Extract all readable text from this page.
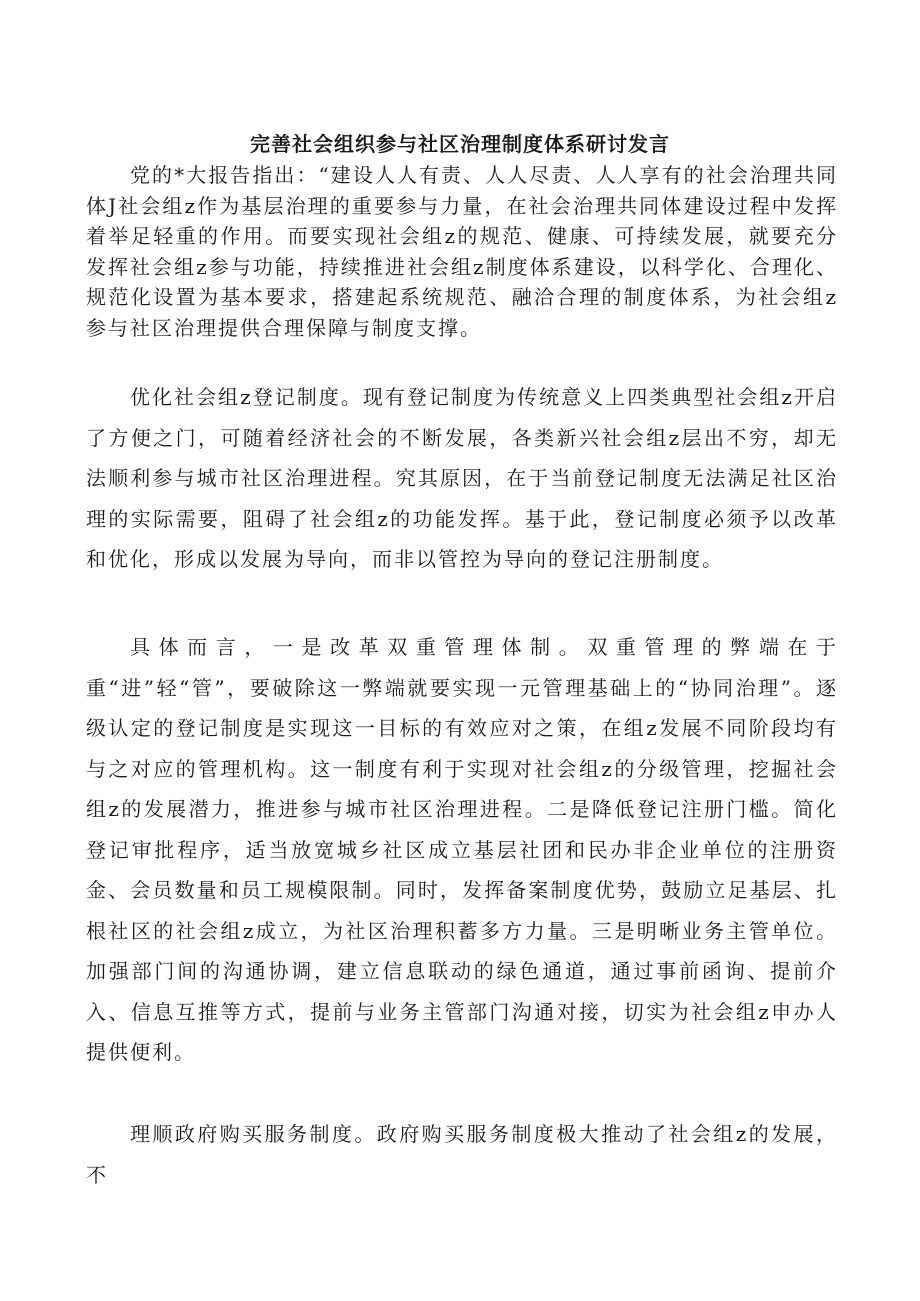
完善社会组织参与社区治理制度体系研讨发言

党的*大报告指出：“建设人人有责、人人尽责、人人享有的社会治理共同体J社会组z作为基层治理的重要参与力量，在社会治理共同体建设过程中发挥着举足轻重的作用。而要实现社会组z的规范、健康、可持续发展，就要充分发挥社会组z参与功能，持续推进社会组z制度体系建设，以科学化、合理化、规范化设置为基本要求，搭建起系统规范、融洽合理的制度体系，为社会组z参与社区治理提供合理保障与制度支撑。

优化社会组z登记制度。现有登记制度为传统意义上四类典型社会组z开启了方便之门，可随着经济社会的不断发展，各类新兴社会组z层出不穷，却无法顺利参与城市社区治理进程。究其原因，在于当前登记制度无法满足社区治理的实际需要，阻碍了社会组z的功能发挥。基于此，登记制度必须予以改革和优化，形成以发展为导向，而非以管控为导向的登记注册制度。

具体而言，一是改革双重管理体制。双重管理的弊端在于重“进”轻“管”，要破除这一弊端就要实现一元管理基础上的“协同治理”。逐级认定的登记制度是实现这一目标的有效应对之策，在组z发展不同阶段均有与之对应的管理机构。这一制度有利于实现对社会组z的分级管理，挖掘社会组z的发展潜力，推进参与城市社区治理进程。二是降低登记注册门槛。简化登记审批程序，适当放宽城乡社区成立基层社团和民办非企业单位的注册资金、会员数量和员工规模限制。同时，发挥备案制度优势，鼓励立足基层、扎根社区的社会组z成立，为社区治理积蓄多方力量。三是明晰业务主管单位。加强部门间的沟通协调，建立信息联动的绿色通道，通过事前函询、提前介入、信息互推等方式，提前与业务主管部门沟通对接，切实为社会组z申办人提供便利。

理顺政府购买服务制度。政府购买服务制度极大推动了社会组z的发展，不
